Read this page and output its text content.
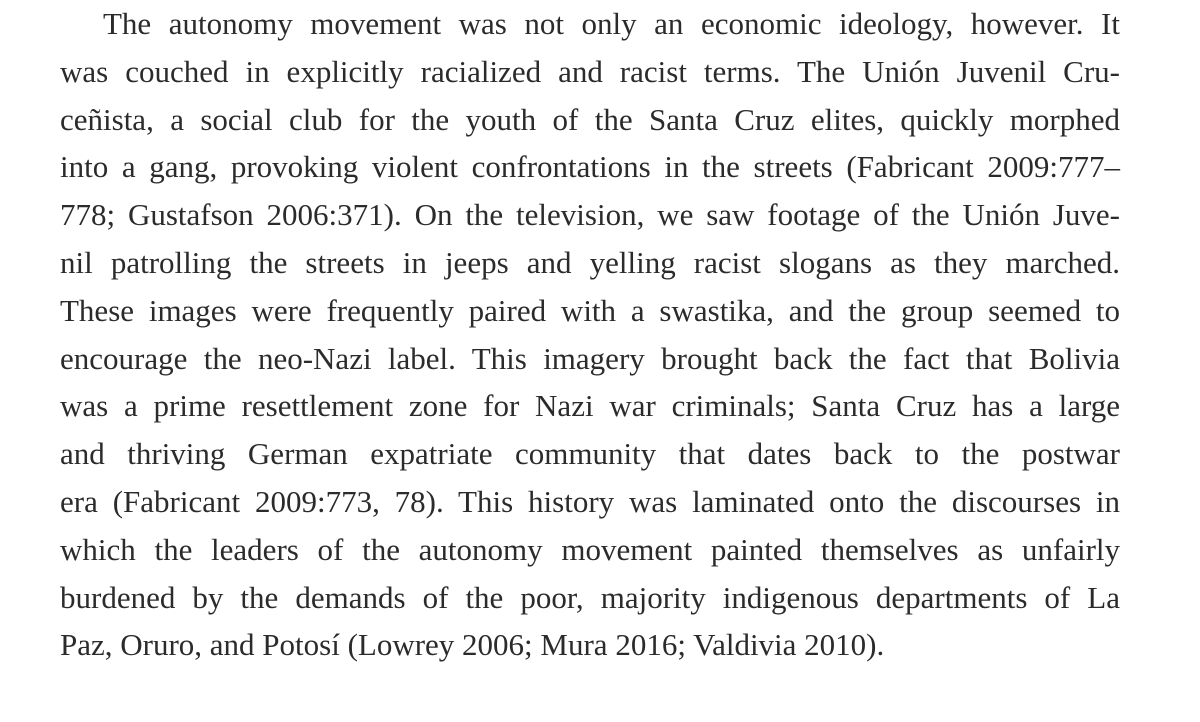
The autonomy movement was not only an economic ideology, however. It
was couched in explicitly racialized and racist terms. The Unión Juvenil Cru-
ceñista, a social club for the youth of the Santa Cruz elites, quickly morphed
into a gang, provoking violent confrontations in the streets (Fabricant 2009:777–
778; Gustafson 2006:371). On the television, we saw footage of the Unión Juve-
nil patrolling the streets in jeeps and yelling racist slogans as they marched.
These images were frequently paired with a swastika, and the group seemed to
encourage the neo-Nazi label. This imagery brought back the fact that Bolivia
was a prime resettlement zone for Nazi war criminals; Santa Cruz has a large
and thriving German expatriate community that dates back to the postwar
era (Fabricant 2009:773, 78). This history was laminated onto the discourses in
which the leaders of the autonomy movement painted themselves as unfairly
burdened by the demands of the poor, majority indigenous departments of La
Paz, Oruro, and Potosí (Lowrey 2006; Mura 2016; Valdivia 2010).
